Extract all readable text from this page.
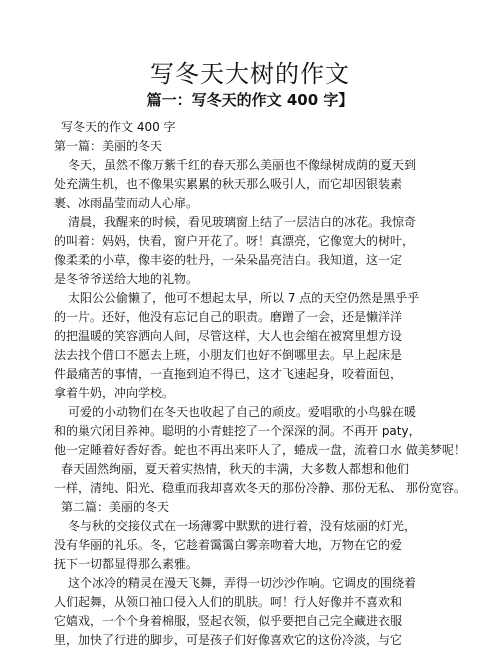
写冬天大树的作文
篇一：写冬天的作文 400 字】
写冬天的作文 400 字
第一篇：美丽的冬天
冬天，虽然不像万紫千红的春天那么美丽也不像绿树成荫的夏天到
处充满生机，也不像果实累累的秋天那么吸引人，而它却因银装素
裹、冰雨晶莹而动人心扉。
清晨，我醒来的时候，看见玻璃窗上结了一层洁白的冰花。我惊奇
的叫着：妈妈，快看，窗户开花了。呀！真漂亮，它像宽大的树叶，
像柔柔的小草，像丰姿的牡丹，一朵朵晶亮洁白。我知道，这一定
是冬爷爷送给大地的礼物。
太阳公公偷懒了，他可不想起太早，所以 7 点的天空仍然是黑乎乎
的一片。还好，他没有忘记自己的职责。磨蹭了一会，还是懒洋洋
的把温暖的笑容洒向人间，尽管这样，大人也会缩在被窝里想方设
法去找个借口不愿去上班，小朋友们也好不倒哪里去。早上起床是
件最痛苦的事情，一直拖到迫不得已，这才飞速起身，咬着面包，
拿着牛奶，冲向学校。
可爱的小动物们在冬天也收起了自己的顽皮。爱唱歌的小鸟躲在暖
和的巢穴闭目养神。聪明的小青蛙挖了一个深深的洞。不再开 paty，
他一定睡着好香好香。蛇也不再出来吓人了，蜷成一盘，流着口水 做美梦呢！
春天固然绚丽，夏天着实热情，秋天的丰满，大多数人都想和他们
一样，清纯、阳光、稳重而我却喜欢冬天的那份冷静、那份无私、 那份宽容。
第二篇：美丽的冬天
冬与秋的交接仪式在一场薄雾中默默的进行着，没有炫丽的灯光，
没有华丽的礼乐。冬，它趁着霭霭白雾亲吻着大地，万物在它的爱
抚下一切都显得那么素雅。
这个冰冷的精灵在漫天飞舞，弄得一切沙沙作响。它调皮的围绕着
人们起舞，从领口袖口侵入人们的肌肤。呵！行人好像并不喜欢和
它嬉戏，一个个身着棉服，竖起衣领，似乎要把自己完全藏进衣服
里，加快了行进的脚步，可是孩子们好像喜欢它的这份冷淡，与它
